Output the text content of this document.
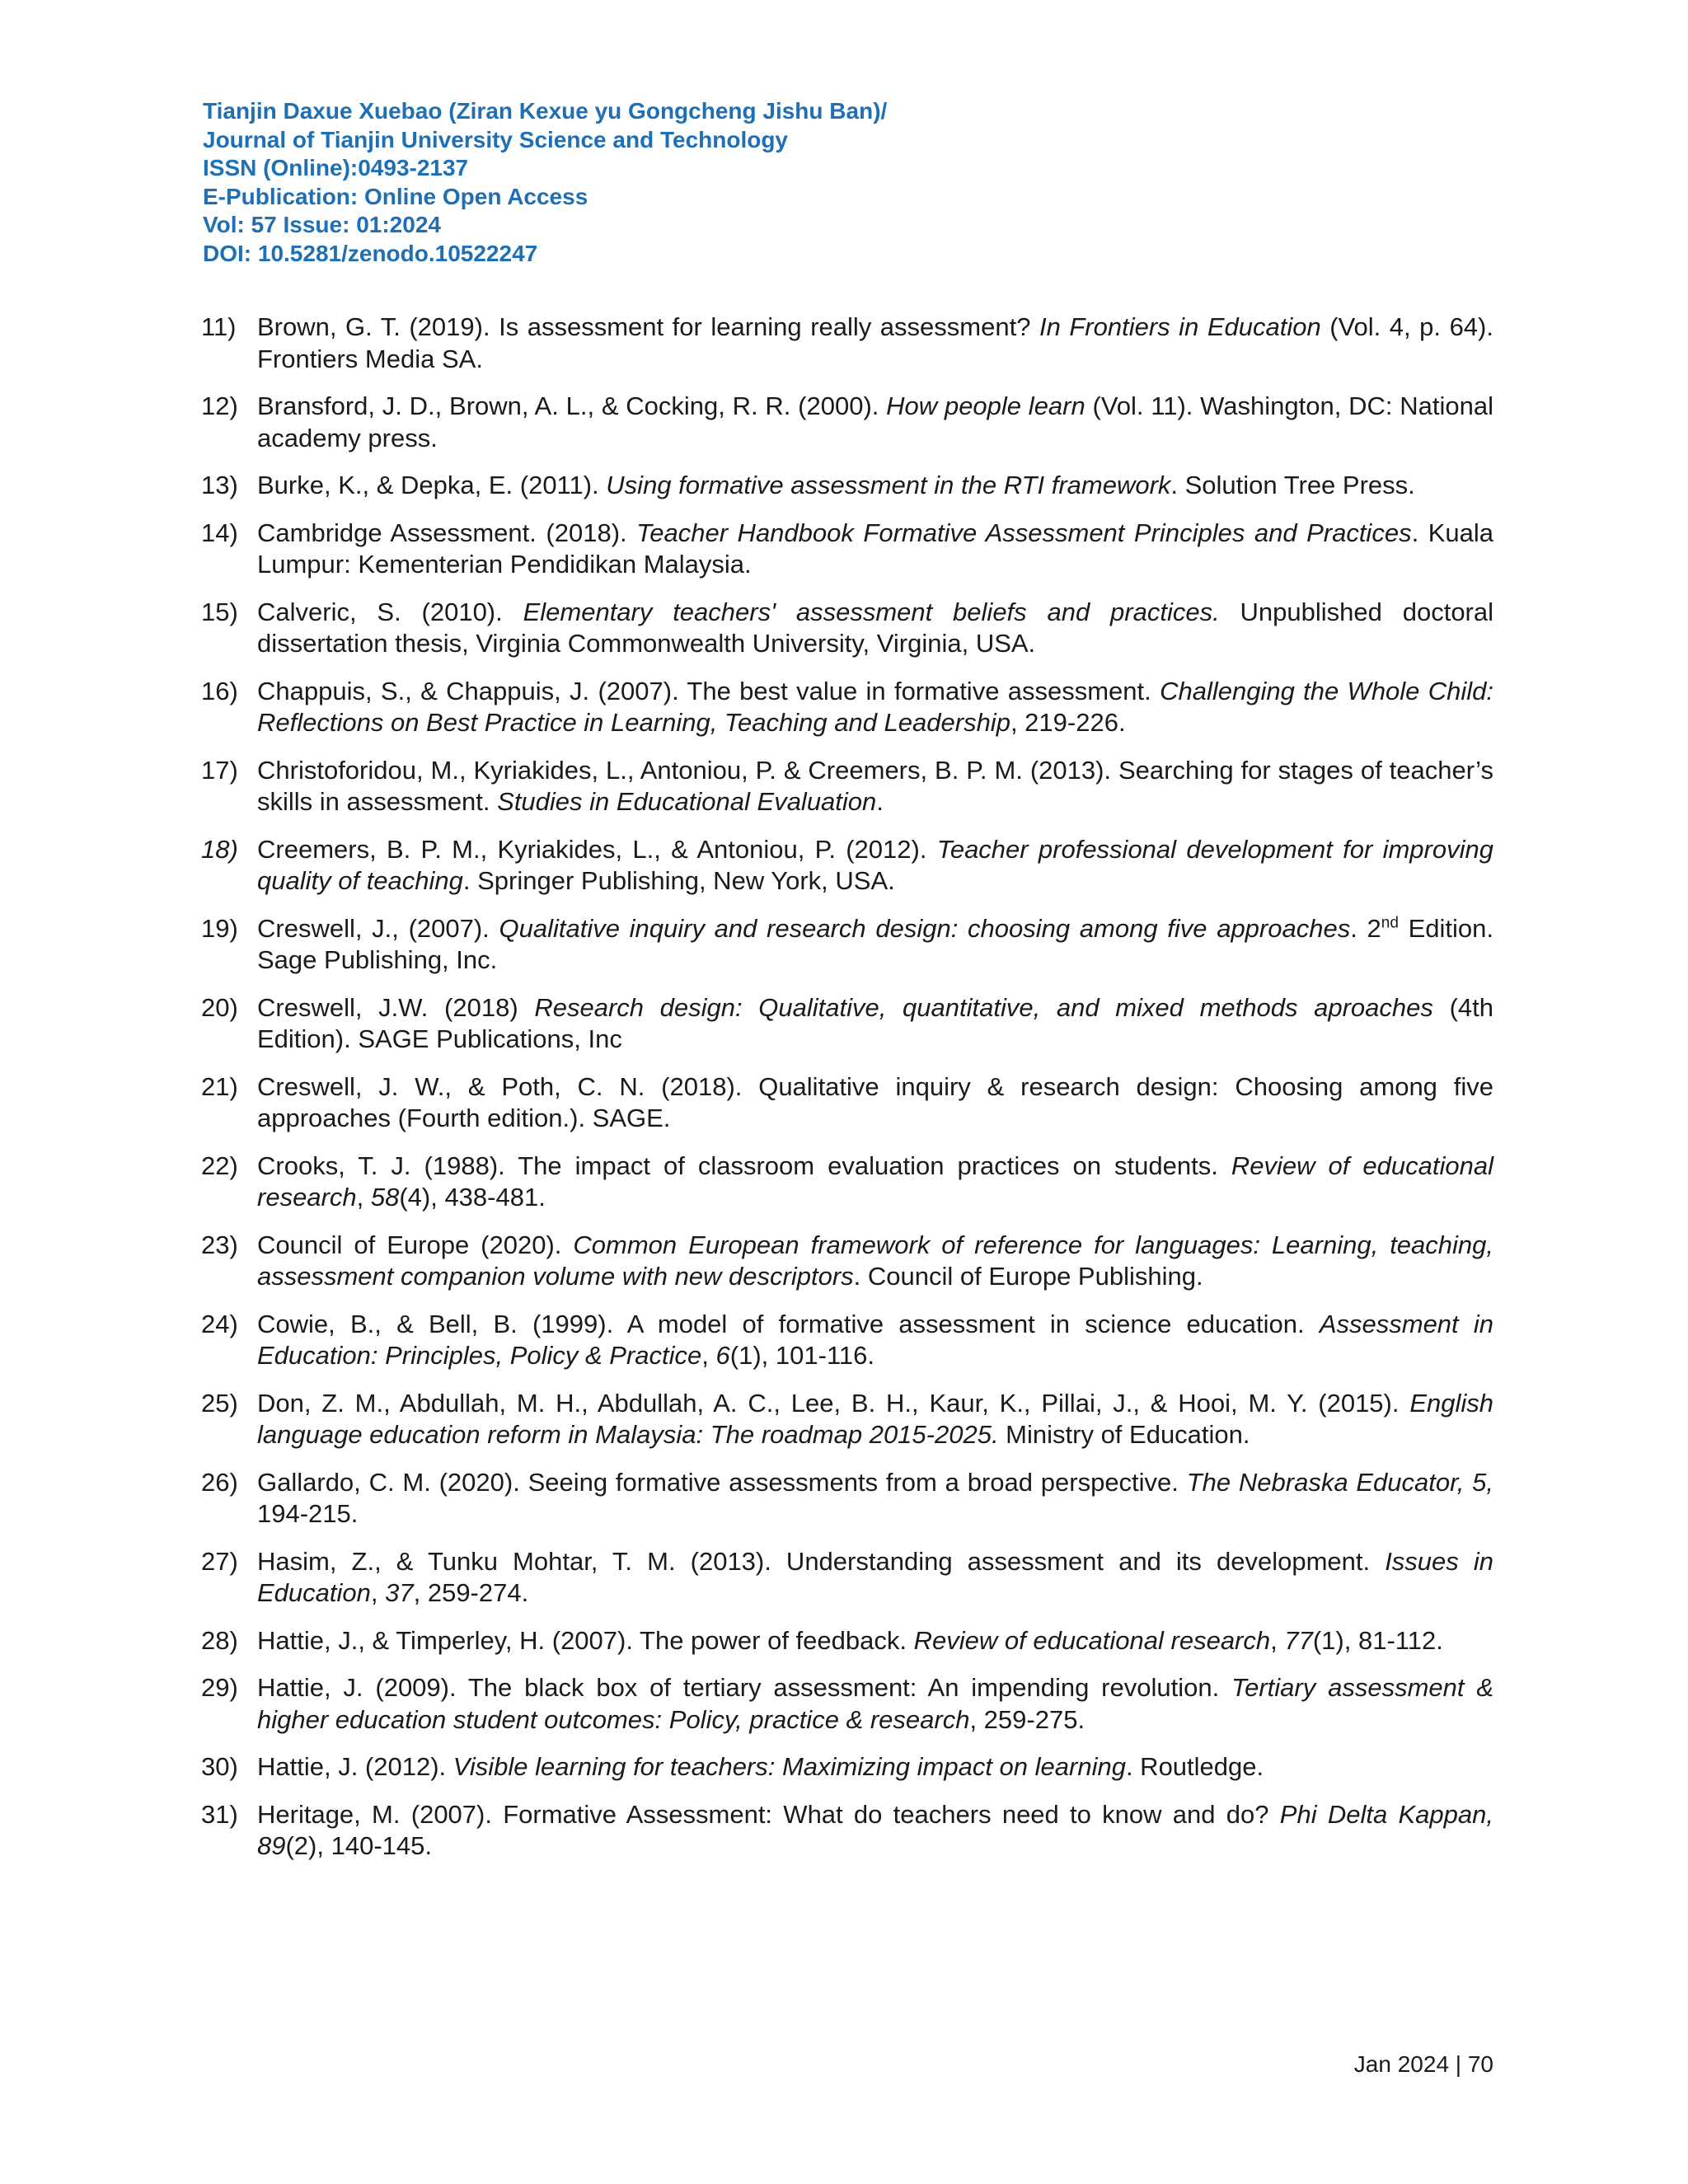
Tianjin Daxue Xuebao (Ziran Kexue yu Gongcheng Jishu Ban)/
Journal of Tianjin University Science and Technology
ISSN (Online):0493-2137
E-Publication: Online Open Access
Vol: 57 Issue: 01:2024
DOI: 10.5281/zenodo.10522247
11) Brown, G. T. (2019). Is assessment for learning really assessment? In Frontiers in Education (Vol. 4, p. 64). Frontiers Media SA.
12) Bransford, J. D., Brown, A. L., & Cocking, R. R. (2000). How people learn (Vol. 11). Washington, DC: National academy press.
13) Burke, K., & Depka, E. (2011). Using formative assessment in the RTI framework. Solution Tree Press.
14) Cambridge Assessment. (2018). Teacher Handbook Formative Assessment Principles and Practices. Kuala Lumpur: Kementerian Pendidikan Malaysia.
15) Calveric, S. (2010). Elementary teachers' assessment beliefs and practices. Unpublished doctoral dissertation thesis, Virginia Commonwealth University, Virginia, USA.
16) Chappuis, S., & Chappuis, J. (2007). The best value in formative assessment. Challenging the Whole Child: Reflections on Best Practice in Learning, Teaching and Leadership, 219-226.
17) Christoforidou, M., Kyriakides, L., Antoniou, P. & Creemers, B. P. M. (2013). Searching for stages of teacher’s skills in assessment. Studies in Educational Evaluation.
18) Creemers, B. P. M., Kyriakides, L., & Antoniou, P. (2012). Teacher professional development for improving quality of teaching. Springer Publishing, New York, USA.
19) Creswell, J., (2007). Qualitative inquiry and research design: choosing among five approaches. 2nd Edition. Sage Publishing, Inc.
20) Creswell, J.W. (2018) Research design: Qualitative, quantitative, and mixed methods aproaches (4th Edition). SAGE Publications, Inc
21) Creswell, J. W., & Poth, C. N. (2018). Qualitative inquiry & research design: Choosing among five approaches (Fourth edition.). SAGE.
22) Crooks, T. J. (1988). The impact of classroom evaluation practices on students. Review of educational research, 58(4), 438-481.
23) Council of Europe (2020). Common European framework of reference for languages: Learning, teaching, assessment companion volume with new descriptors. Council of Europe Publishing.
24) Cowie, B., & Bell, B. (1999). A model of formative assessment in science education. Assessment in Education: Principles, Policy & Practice, 6(1), 101-116.
25) Don, Z. M., Abdullah, M. H., Abdullah, A. C., Lee, B. H., Kaur, K., Pillai, J., & Hooi, M. Y. (2015). English language education reform in Malaysia: The roadmap 2015-2025. Ministry of Education.
26) Gallardo, C. M. (2020). Seeing formative assessments from a broad perspective. The Nebraska Educator, 5, 194-215.
27) Hasim, Z., & Tunku Mohtar, T. M. (2013). Understanding assessment and its development. Issues in Education, 37, 259-274.
28) Hattie, J., & Timperley, H. (2007). The power of feedback. Review of educational research, 77(1), 81-112.
29) Hattie, J. (2009). The black box of tertiary assessment: An impending revolution. Tertiary assessment & higher education student outcomes: Policy, practice & research, 259-275.
30) Hattie, J. (2012). Visible learning for teachers: Maximizing impact on learning. Routledge.
31) Heritage, M. (2007). Formative Assessment: What do teachers need to know and do? Phi Delta Kappan, 89(2), 140-145.
Jan 2024 | 70
